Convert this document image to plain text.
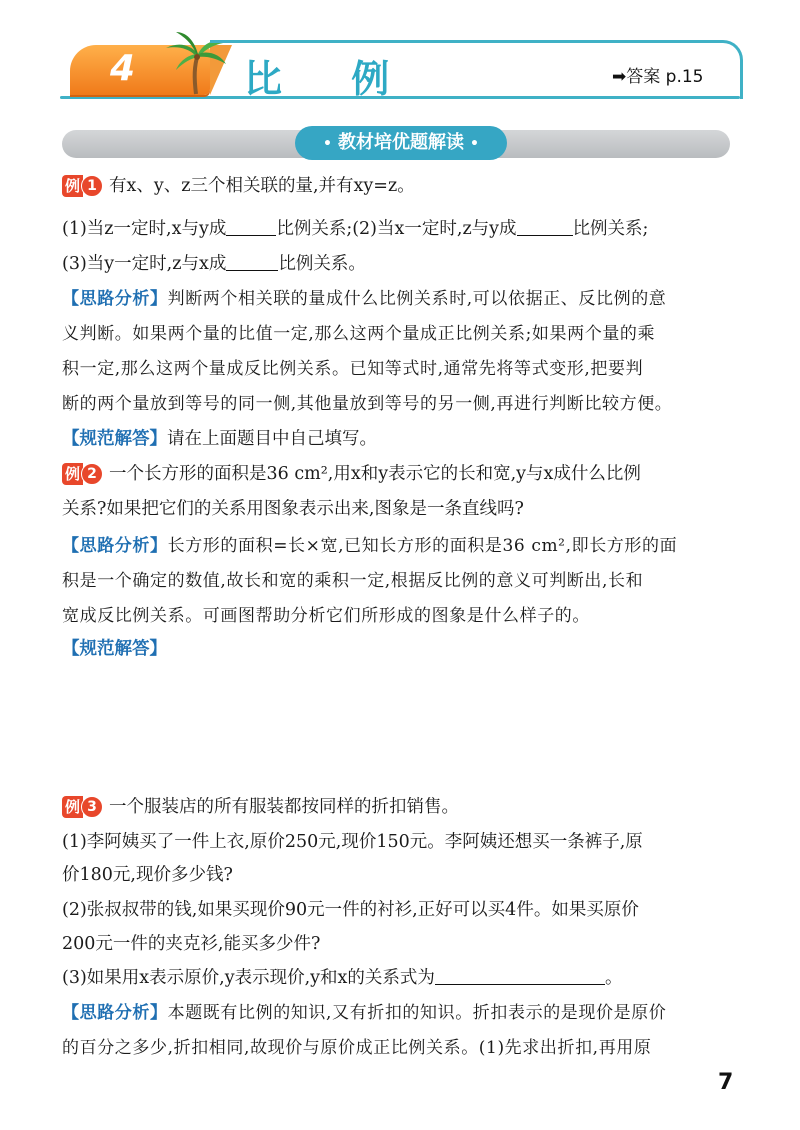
4	比 例	➡答案 p.15
• 教材培优题解读 •
例 1 有x、y、z三个相关联的量,并有xy=z。
(1)当z一定时,x与y成	比例关系;(2)当x一定时,z与y成	比例关系;
(3)当y一定时,z与x成	比例关系。
【思路分析】判断两个相关联的量成什么比例关系时,可以依据正、反比例的意
义判断。如果两个量的比值一定,那么这两个量成正比例关系;如果两个量的乘
积一定,那么这两个量成反比例关系。已知等式时,通常先将等式变形,把要判
断的两个量放到等号的同一侧,其他量放到等号的另一侧,再进行判断比较方便。
【规范解答】请在上面题目中自己填写。
例 2 一个长方形的面积是36 cm²,用x和y表示它的长和宽,y与x成什么比例
关系?如果把它们的关系用图象表示出来,图象是一条直线吗?
【思路分析】长方形的面积=长×宽,已知长方形的面积是36 cm²,即长方形的面
积是一个确定的数值,故长和宽的乘积一定,根据反比例的意义可判断出,长和
宽成反比例关系。可画图帮助分析它们所形成的图象是什么样子的。
【规范解答】
例 3 一个服装店的所有服装都按同样的折扣销售。
(1)李阿姨买了一件上衣,原价250元,现价150元。李阿姨还想买一条裤子,原
价180元,现价多少钱?
(2)张叔叔带的钱,如果买现价90元一件的衬衫,正好可以买4件。如果买原价
200元一件的夹克衫,能买多少件?
(3)如果用x表示原价,y表示现价,y和x的关系式为	。
【思路分析】本题既有比例的知识,又有折扣的知识。折扣表示的是现价是原价
的百分之多少,折扣相同,故现价与原价成正比例关系。(1)先求出折扣,再用原
7
